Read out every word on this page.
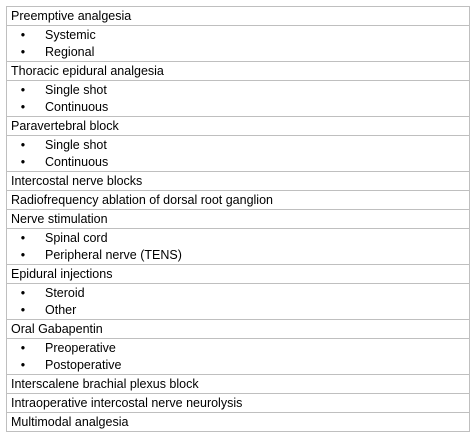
Preemptive analgesia
• Systemic
• Regional
Thoracic epidural analgesia
• Single shot
• Continuous
Paravertebral block
• Single shot
• Continuous
Intercostal nerve blocks
Radiofrequency ablation of dorsal root ganglion
Nerve stimulation
• Spinal cord
• Peripheral nerve (TENS)
Epidural injections
• Steroid
• Other
Oral Gabapentin
• Preoperative
• Postoperative
Interscalene brachial plexus block
Intraoperative intercostal nerve neurolysis
Multimodal analgesia
